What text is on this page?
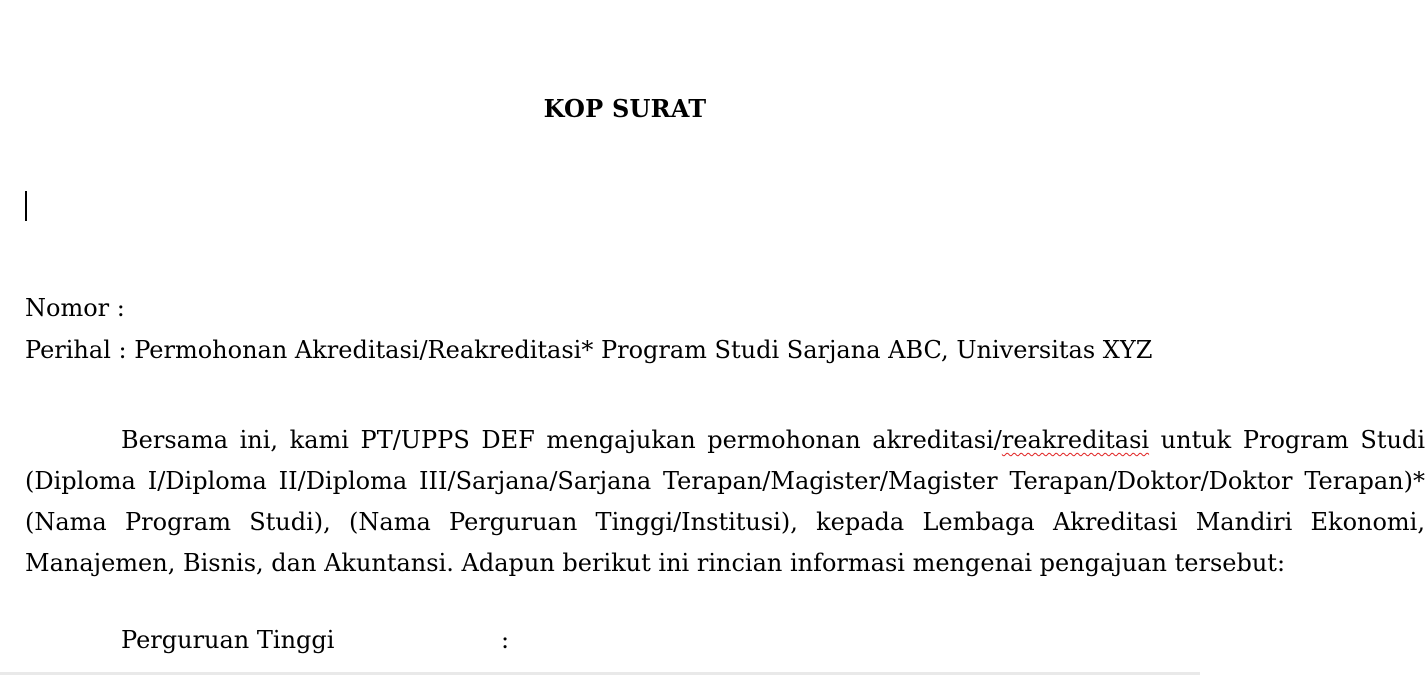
KOP SURAT
Nomor :
Perihal : Permohonan Akreditasi/Reakreditasi* Program Studi Sarjana ABC, Universitas XYZ
Bersama ini, kami PT/UPPS DEF mengajukan permohonan akreditasi/reakreditasi untuk Program Studi (Diploma I/Diploma II/Diploma III/Sarjana/Sarjana Terapan/Magister/Magister Terapan/Doktor/Doktor Terapan)* (Nama Program Studi), (Nama Perguruan Tinggi/Institusi), kepada Lembaga Akreditasi Mandiri Ekonomi, Manajemen, Bisnis, dan Akuntansi. Adapun berikut ini rincian informasi mengenai pengajuan tersebut:
Perguruan Tinggi	:
